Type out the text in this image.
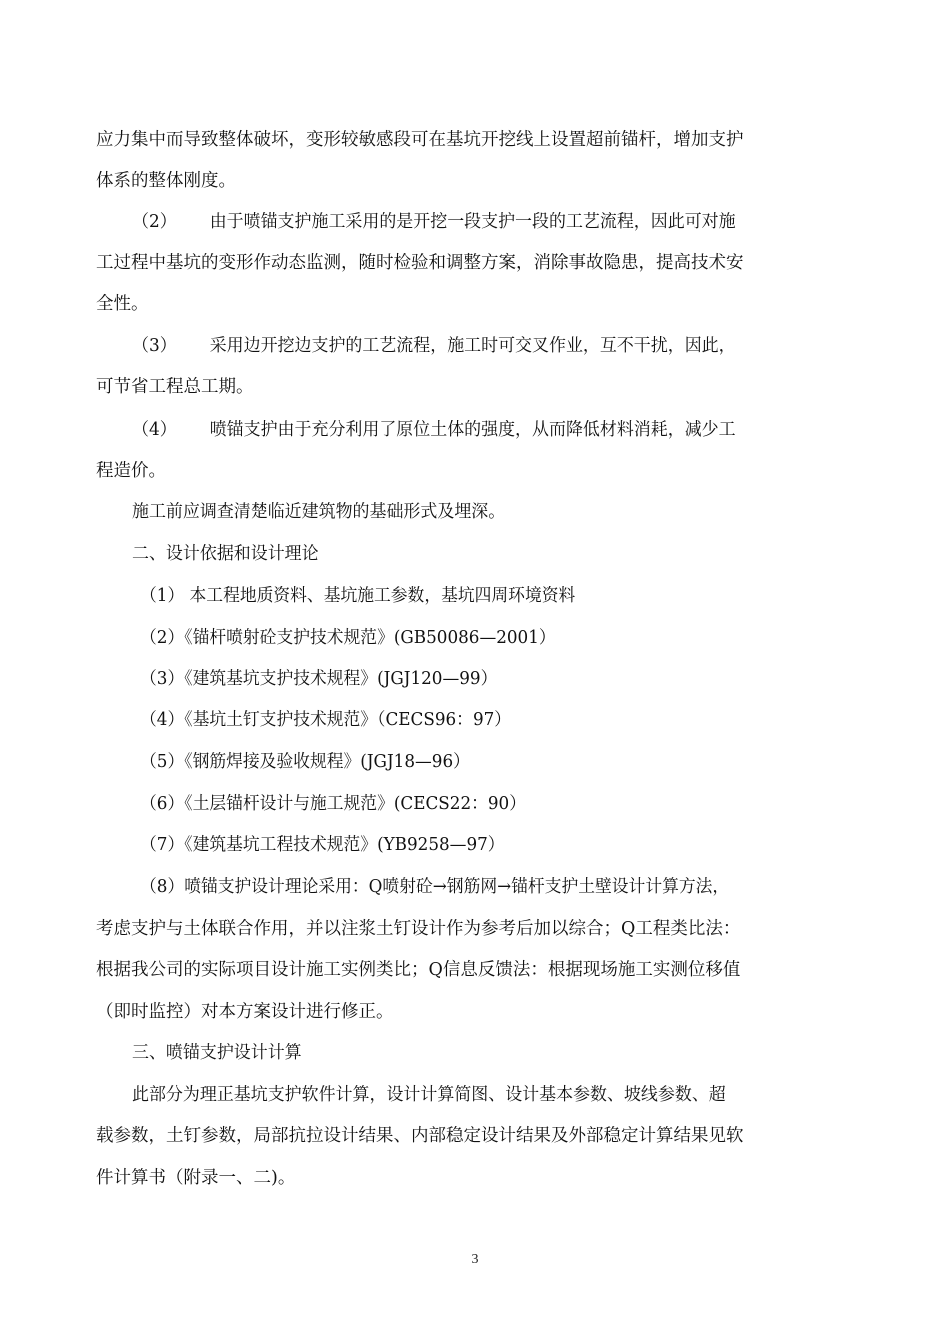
应力集中而导致整体破坏，变形较敏感段可在基坑开挖线上设置超前锚杆，增加支护
体系的整体刚度。
（2） 由于喷锚支护施工采用的是开挖一段支护一段的工艺流程，因此可对施
工过程中基坑的变形作动态监测，随时检验和调整方案，消除事故隐患，提高技术安
全性。
（3） 采用边开挖边支护的工艺流程，施工时可交叉作业，互不干扰，因此，
可节省工程总工期。
（4） 喷锚支护由于充分利用了原位土体的强度，从而降低材料消耗，减少工
程造价。
施工前应调查清楚临近建筑物的基础形式及埋深。
二、设计依据和设计理论
（1） 本工程地质资料、基坑施工参数，基坑四周环境资料
（2）《锚杆喷射砼支护技术规范》(GB50086—2001）
（3）《建筑基坑支护技术规程》(JGJ120—99）
（4）《基坑土钉支护技术规范》（CECS96：97）
（5）《钢筋焊接及验收规程》(JGJ18—96）
（6）《土层锚杆设计与施工规范》(CECS22：90）
（7）《建筑基坑工程技术规范》(YB9258—97）
（8）喷锚支护设计理论采用：Q喷射砼→钢筋网→锚杆支护土壁设计计算方法，
考虑支护与土体联合作用，并以注浆土钉设计作为参考后加以综合；Q工程类比法：
根据我公司的实际项目设计施工实例类比；Q信息反馈法：根据现场施工实测位移值
（即时监控）对本方案设计进行修正。
三、喷锚支护设计计算
此部分为理正基坑支护软件计算，设计计算简图、设计基本参数、坡线参数、超
载参数，土钉参数，局部抗拉设计结果、内部稳定设计结果及外部稳定计算结果见软
件计算书（附录一、二)。
3
